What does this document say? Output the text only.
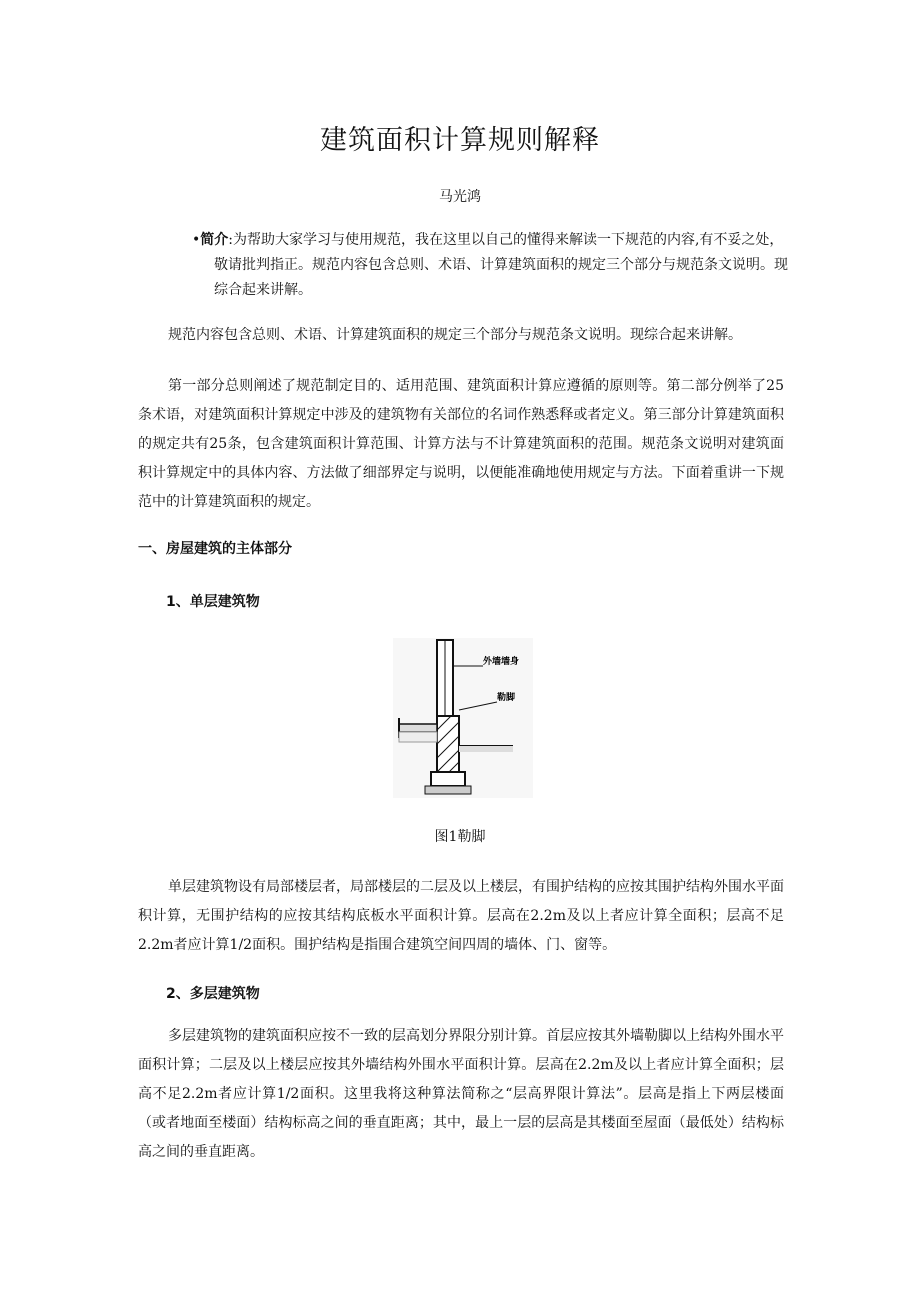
建筑面积计算规则解释
马光鸿
•简介:为帮助大家学习与使用规范，我在这里以自己的懂得来解读一下规范的内容,有不妥之处，敬请批判指正。规范内容包含总则、术语、计算建筑面积的规定三个部分与规范条文说明。现综合起来讲解。
规范内容包含总则、术语、计算建筑面积的规定三个部分与规范条文说明。现综合起来讲解。
第一部分总则阐述了规范制定目的、适用范围、建筑面积计算应遵循的原则等。第二部分例举了25条术语，对建筑面积计算规定中涉及的建筑物有关部位的名词作熟悉释或者定义。第三部分计算建筑面积的规定共有25条，包含建筑面积计算范围、计算方法与不计算建筑面积的范围。规范条文说明对建筑面积计算规定中的具体内容、方法做了细部界定与说明，以便能准确地使用规定与方法。下面着重讲一下规范中的计算建筑面积的规定。
一、房屋建筑的主体部分
1、单层建筑物
外墙墙身
勒脚
图1勒脚
单层建筑物设有局部楼层者，局部楼层的二层及以上楼层，有围护结构的应按其围护结构外围水平面积计算，无围护结构的应按其结构底板水平面积计算。层高在2.2m及以上者应计算全面积；层高不足2.2m者应计算1/2面积。围护结构是指围合建筑空间四周的墙体、门、窗等。
2、多层建筑物
多层建筑物的建筑面积应按不一致的层高划分界限分别计算。首层应按其外墙勒脚以上结构外围水平面积计算；二层及以上楼层应按其外墙结构外围水平面积计算。层高在2.2m及以上者应计算全面积；层高不足2.2m者应计算1/2面积。这里我将这种算法简称之“层高界限计算法”。层高是指上下两层楼面（或者地面至楼面）结构标高之间的垂直距离；其中，最上一层的层高是其楼面至屋面（最低处）结构标高之间的垂直距离。
